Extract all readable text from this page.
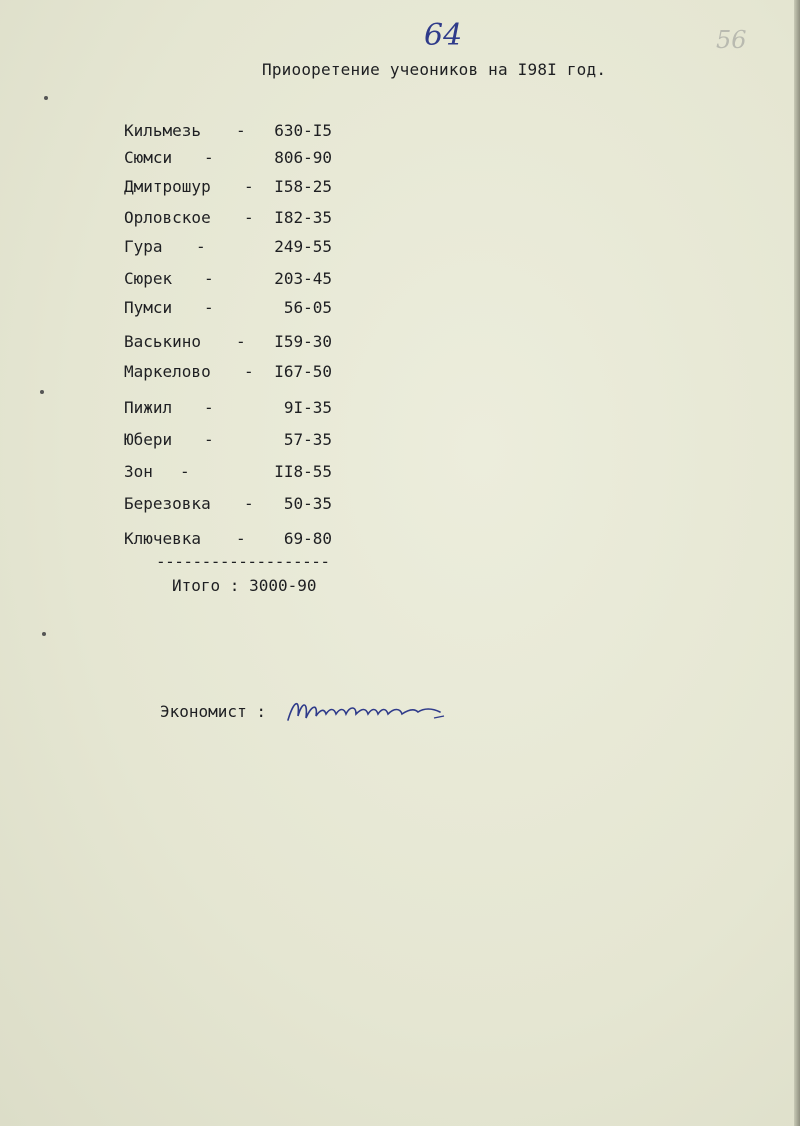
64	56
Приооретение учеоников на I98I год.
Кильмезь - 630-I5
Сюмси -	806-90
Дмитрошур - I58-25
Орловское - I82-35
Гура -	249-55
Сюрек -	203-45
Пумси -	56-05
Васькино - I59-30
Маркелово - I67-50
Пижил -	9I-35
Юбери -	57-35
Зон -	II8-55
Березовка - 50-35
Ключевка - 69-80
-------------------
Итого : 3000-90
Экономист :
